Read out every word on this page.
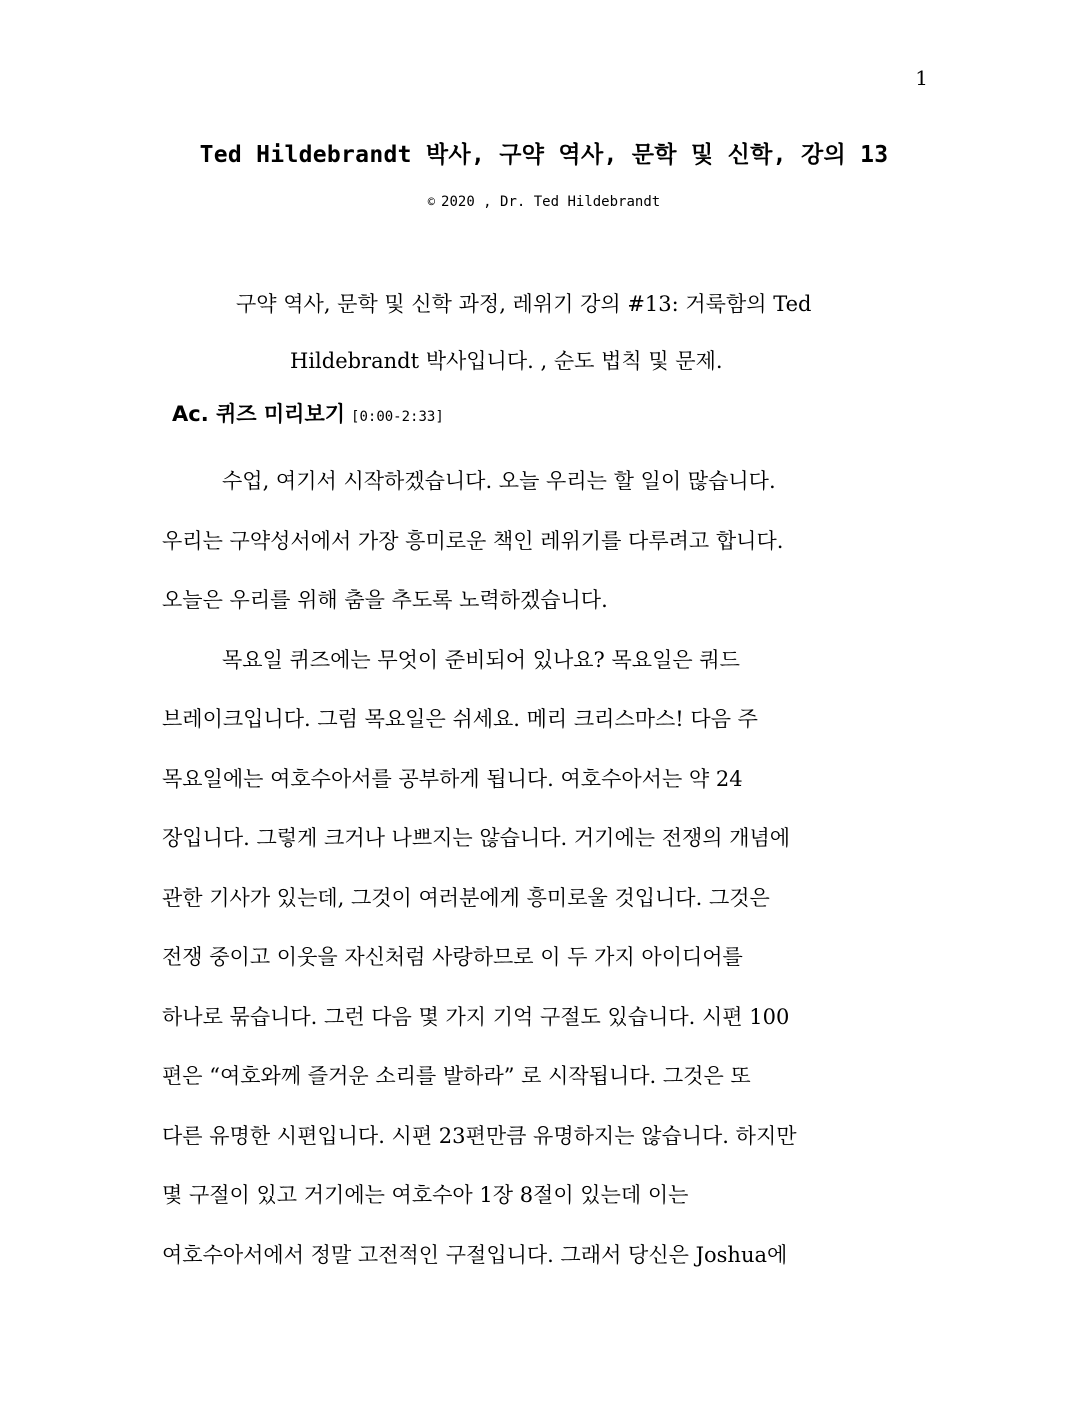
1
Ted Hildebrandt 박사, 구약 역사, 문학 및 신학, 강의 13
© 2020 , Dr. Ted Hildebrandt
구약 역사, 문학 및 신학 과정, 레위기 강의 #13: 거룩함의 Ted
Hildebrandt 박사입니다. , 순도 법칙 및 문제.
Ac. 퀴즈 미리보기 [0:00-2:33]
수업, 여기서 시작하겠습니다. 오늘 우리는 할 일이 많습니다.
우리는 구약성서에서 가장 흥미로운 책인 레위기를 다루려고 합니다.
오늘은 우리를 위해 춤을 추도록 노력하겠습니다.
목요일 퀴즈에는 무엇이 준비되어 있나요? 목요일은 쿼드
브레이크입니다. 그럼 목요일은 쉬세요. 메리 크리스마스! 다음 주
목요일에는 여호수아서를 공부하게 됩니다. 여호수아서는 약 24
장입니다. 그렇게 크거나 나쁘지는 않습니다. 거기에는 전쟁의 개념에
관한 기사가 있는데, 그것이 여러분에게 흥미로울 것입니다. 그것은
전쟁 중이고 이웃을 자신처럼 사랑하므로 이 두 가지 아이디어를
하나로 묶습니다. 그런 다음 몇 가지 기억 구절도 있습니다. 시편 100
편은 “여호와께 즐거운 소리를 발하라” 로 시작됩니다. 그것은 또
다른 유명한 시편입니다. 시편 23편만큼 유명하지는 않습니다. 하지만
몇 구절이 있고 거기에는 여호수아 1장 8절이 있는데 이는
여호수아서에서 정말 고전적인 구절입니다. 그래서 당신은 Joshua에
